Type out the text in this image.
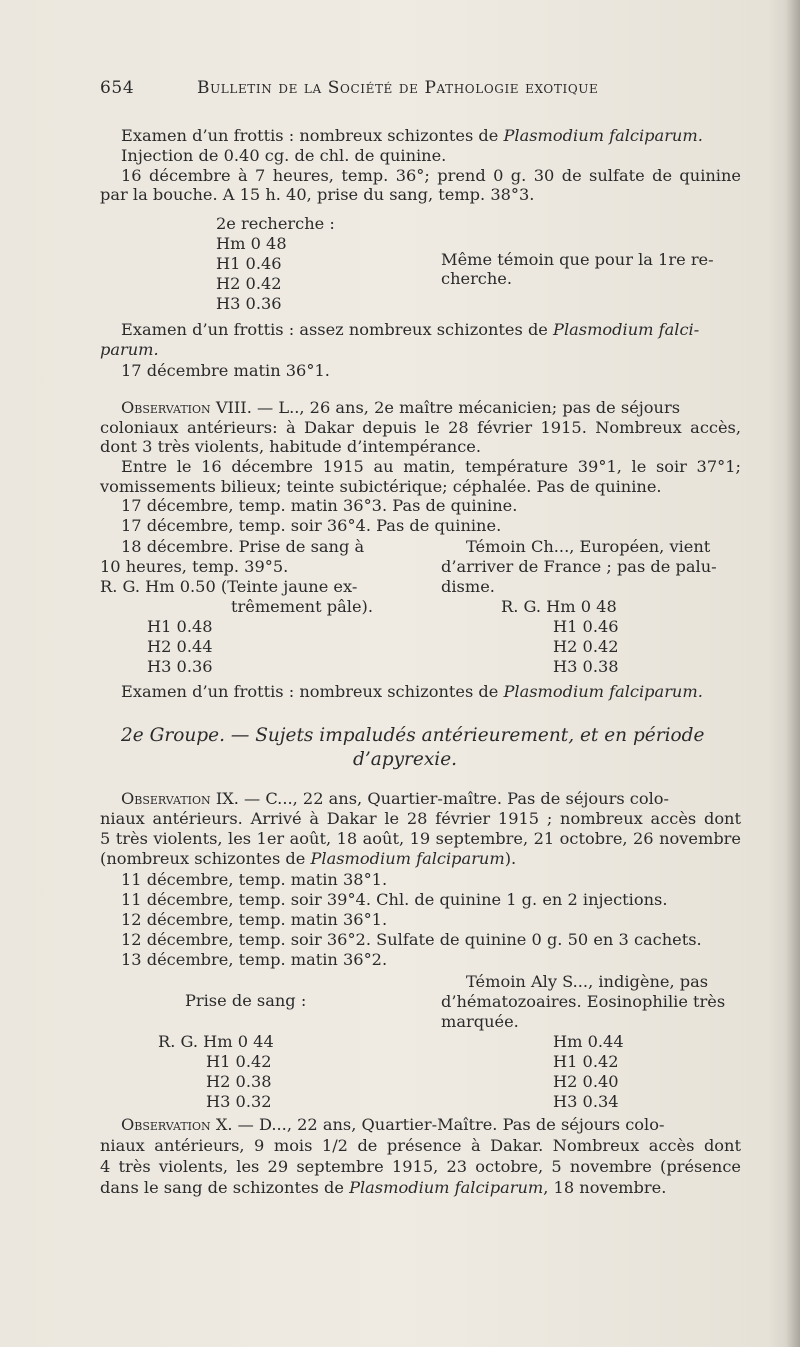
654	Bulletin de la Société de Pathologie exotique
Examen d’un frottis : nombreux schizontes de Plasmodium falciparum.
Injection de 0.40 cg. de chl. de quinine.
16 décembre à 7 heures, temp. 36°; prend 0 g. 30 de sulfate de quinine
par la bouche. A 15 h. 40, prise du sang, temp. 38°3.
2e recherche :
Hm 0 48
H1 0.46
H2 0.42
H3 0.36
Même témoin que pour la 1re re-
cherche.
Examen d’un frottis : assez nombreux schizontes de Plasmodium falci-
parum.
17 décembre matin 36°1.
Observation VIII. — L.., 26 ans, 2e maître mécanicien; pas de séjours
coloniaux antérieurs: à Dakar depuis le 28 février 1915. Nombreux accès,
dont 3 très violents, habitude d’intempérance.
Entre le 16 décembre 1915 au matin, température 39°1, le soir 37°1;
vomissements bilieux; teinte subictérique; céphalée. Pas de quinine.
17 décembre, temp. matin 36°3. Pas de quinine.
17 décembre, temp. soir 36°4. Pas de quinine.
18 décembre. Prise de sang à
10 heures, temp. 39°5.
R. G. Hm 0.50 (Teinte jaune ex-
trêmement pâle).
H1 0.48
H2 0.44
H3 0.36
Témoin Ch..., Européen, vient
d’arriver de France ; pas de palu-
disme.
R. G. Hm 0 48
H1 0.46
H2 0.42
H3 0.38
Examen d’un frottis : nombreux schizontes de Plasmodium falciparum.
2e Groupe. — Sujets impaludés antérieurement, et en période
d’apyrexie.
Observation IX. — C..., 22 ans, Quartier-maître. Pas de séjours colo-
niaux antérieurs. Arrivé à Dakar le 28 février 1915 ; nombreux accès dont
5 très violents, les 1er août, 18 août, 19 septembre, 21 octobre, 26 novembre
(nombreux schizontes de Plasmodium falciparum).
11 décembre, temp. matin 38°1.
11 décembre, temp. soir 39°4. Chl. de quinine 1 g. en 2 injections.
12 décembre, temp. matin 36°1.
12 décembre, temp. soir 36°2. Sulfate de quinine 0 g. 50 en 3 cachets.
13 décembre, temp. matin 36°2.
Prise de sang :
Témoin Aly S..., indigène, pas
d’hématozoaires. Eosinophilie très
marquée.
R. G. Hm 0 44
H1 0.42
H2 0.38
H3 0.32
Hm 0.44
H1 0.42
H2 0.40
H3 0.34
Observation X. — D..., 22 ans, Quartier-Maître. Pas de séjours colo-
niaux antérieurs, 9 mois 1/2 de présence à Dakar. Nombreux accès dont
4 très violents, les 29 septembre 1915, 23 octobre, 5 novembre (présence
dans le sang de schizontes de Plasmodium falciparum, 18 novembre.
